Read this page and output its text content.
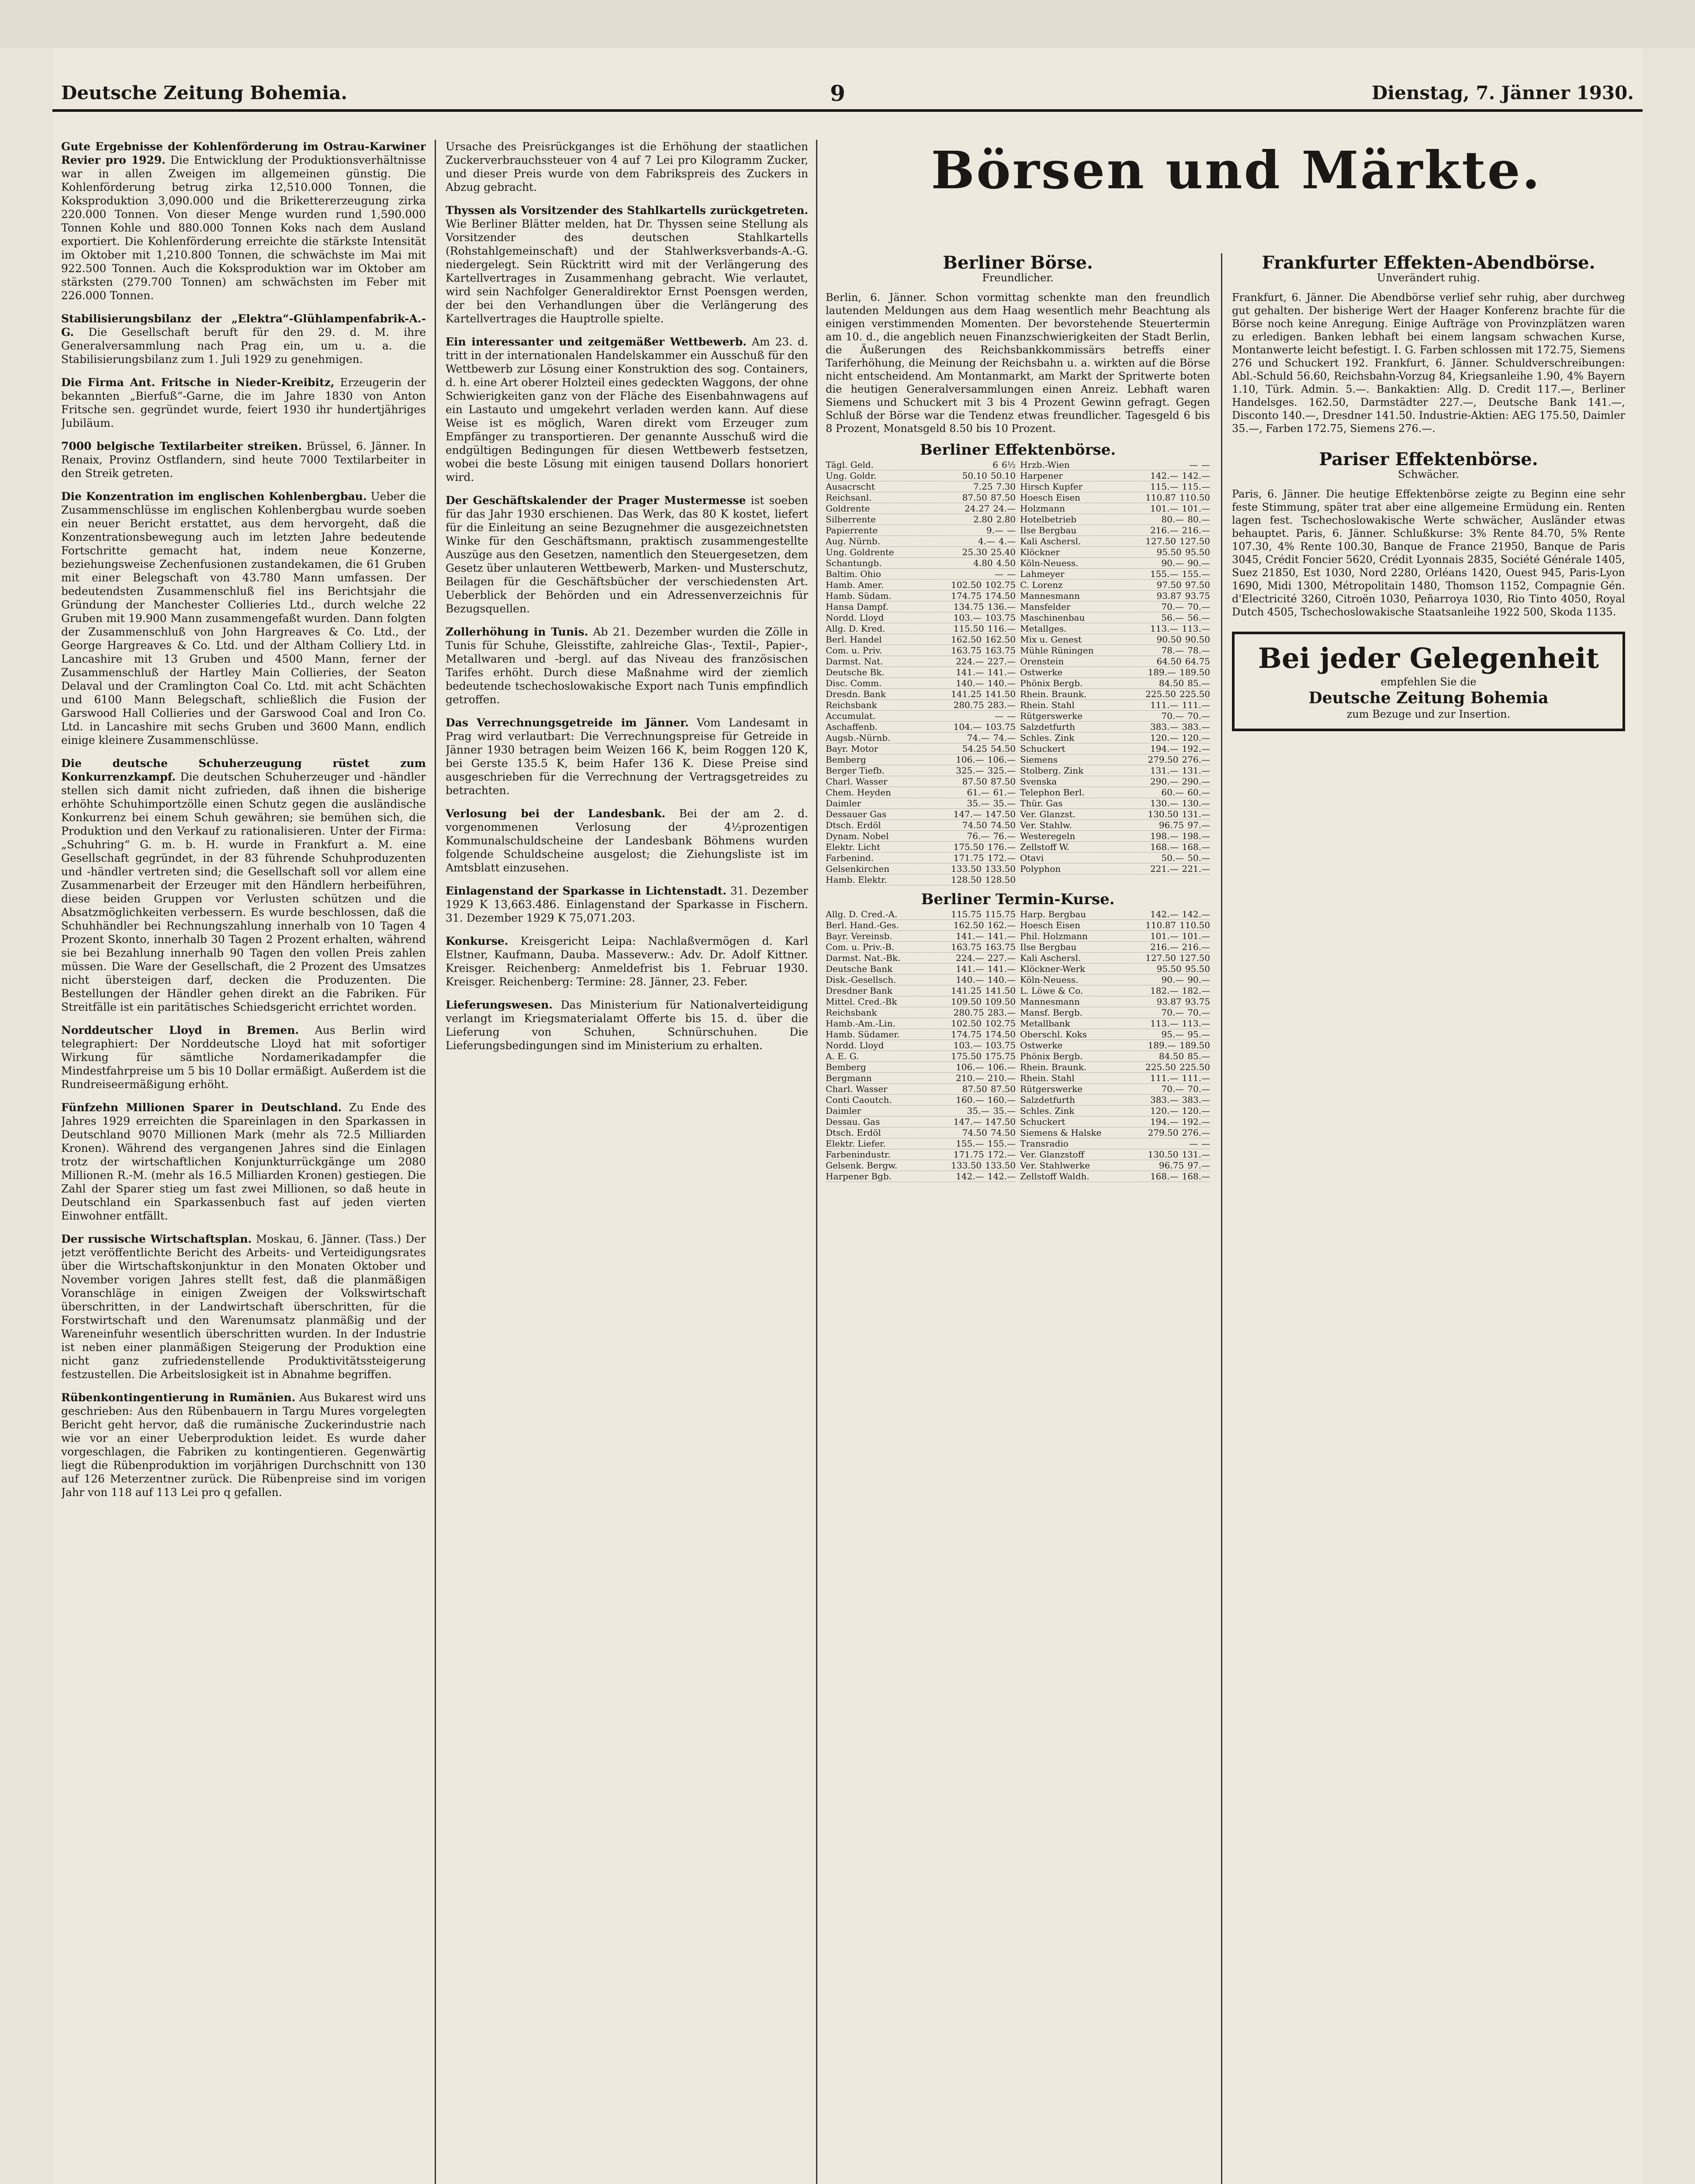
Deutsche Zeitung Bohemia.	9	Dienstag, 7. Jänner 1930.
Gute Ergebnisse der Kohlenförderung im Ostrau-Karwiner Revier pro 1929. Die Entwicklung der Produktionsverhältnisse war in allen Zweigen im allgemeinen günstig. Die Kohlenförderung betrug zirka 12,510.000 Tonnen, die Koksproduktion 3,090.000 und die Brikettererzeugung zirka 220.000 Tonnen. Von dieser Menge wurden rund 1,590.000 Tonnen Kohle und 880.000 Tonnen Koks nach dem Ausland exportiert. Die Kohlenförderung erreichte die stärkste Intensität im Oktober mit 1,210.800 Tonnen, die schwächste im Mai mit 922.500 Tonnen. Auch die Koksproduktion war im Oktober am stärksten (279.700 Tonnen) am schwächsten im Feber mit 226.000 Tonnen.
Stabilisierungsbilanz der „Elektra“-Glühlampenfabrik-A.-G. Die Gesellschaft beruft für den 29. d. M. ihre Generalversammlung nach Prag ein, um u. a. die Stabilisierungsbilanz zum 1. Juli 1929 zu genehmigen.
Die Firma Ant. Fritsche in Nieder-Kreibitz, Erzeugerin der bekannten „Bierfuß“-Garne, die im Jahre 1830 von Anton Fritsche sen. gegründet wurde, feiert 1930 ihr hundertjähriges Jubiläum.
7000 belgische Textilarbeiter streiken. Brüssel, 6. Jänner. In Renaix, Provinz Ostflandern, sind heute 7000 Textilarbeiter in den Streik getreten.
Die Konzentration im englischen Kohlenbergbau. Ueber die Zusammenschlüsse im englischen Kohlenbergbau wurde soeben ein neuer Bericht erstattet, aus dem hervorgeht, daß die Konzentrationsbewegung auch im letzten Jahre bedeutende Fortschritte gemacht hat, indem neue Konzerne, beziehungsweise Zechenfusionen zustandekamen, die 61 Gruben mit einer Belegschaft von 43.780 Mann umfassen. Der bedeutendsten Zusammenschluß fiel ins Berichtsjahr die Gründung der Manchester Collieries Ltd., durch welche 22 Gruben mit 19.900 Mann zusammengefaßt wurden. Dann folgten der Zusammenschluß von John Hargreaves & Co. Ltd., der George Hargreaves & Co. Ltd. und der Altham Colliery Ltd. in Lancashire mit 13 Gruben und 4500 Mann, ferner der Zusammenschluß der Hartley Main Collieries, der Seaton Delaval und der Cramlington Coal Co. Ltd. mit acht Schächten und 6100 Mann Belegschaft, schließlich die Fusion der Garswood Hall Collieries und der Garswood Coal and Iron Co. Ltd. in Lancashire mit sechs Gruben und 3600 Mann, endlich einige kleinere Zusammenschlüsse.
Die deutsche Schuherzeugung rüstet zum Konkurrenzkampf. Die deutschen Schuherzeuger und -händler stellen sich damit nicht zufrieden, daß ihnen die bisherige erhöhte Schuhimportzölle einen Schutz gegen die ausländische Konkurrenz bei einem Schuh gewähren; sie bemühen sich, die Produktion und den Verkauf zu rationalisieren. Unter der Firma: „Schuhring“ G. m. b. H. wurde in Frankfurt a. M. eine Gesellschaft gegründet, in der 83 führende Schuhproduzenten und -händler vertreten sind; die Gesellschaft soll vor allem eine Zusammenarbeit der Erzeuger mit den Händlern herbeiführen, diese beiden Gruppen vor Verlusten schützen und die Absatzmöglichkeiten verbessern. Es wurde beschlossen, daß die Schuhhändler bei Rechnungszahlung innerhalb von 10 Tagen 4 Prozent Skonto, innerhalb 30 Tagen 2 Prozent erhalten, während sie bei Bezahlung innerhalb 90 Tagen den vollen Preis zahlen müssen. Die Ware der Gesellschaft, die 2 Prozent des Umsatzes nicht übersteigen darf, decken die Produzenten. Die Bestellungen der Händler gehen direkt an die Fabriken. Für Streitfälle ist ein paritätisches Schiedsgericht errichtet worden.
Norddeutscher Lloyd in Bremen. Aus Berlin wird telegraphiert: Der Norddeutsche Lloyd hat mit sofortiger Wirkung für sämtliche Nordamerikadampfer die Mindestfahrpreise um 5 bis 10 Dollar ermäßigt. Außerdem ist die Rundreiseermäßigung erhöht.
Fünfzehn Millionen Sparer in Deutschland. Zu Ende des Jahres 1929 erreichten die Spareinlagen in den Sparkassen in Deutschland 9070 Millionen Mark (mehr als 72.5 Milliarden Kronen). Während des vergangenen Jahres sind die Einlagen trotz der wirtschaftlichen Konjunkturrückgänge um 2080 Millionen R.-M. (mehr als 16.5 Milliarden Kronen) gestiegen. Die Zahl der Sparer stieg um fast zwei Millionen, so daß heute in Deutschland ein Sparkassenbuch fast auf jeden vierten Einwohner entfällt.
Der russische Wirtschaftsplan. Moskau, 6. Jänner. (Tass.) Der jetzt veröffentlichte Bericht des Arbeits- und Verteidigungsrates über die Wirtschaftskonjunktur in den Monaten Oktober und November vorigen Jahres stellt fest, daß die planmäßigen Voranschläge in einigen Zweigen der Volkswirtschaft überschritten, in der Landwirtschaft überschritten, für die Forstwirtschaft und den Warenumsatz planmäßig und der Wareneinfuhr wesentlich überschritten wurden. In der Industrie ist neben einer planmäßigen Steigerung der Produktion eine nicht ganz zufriedenstellende Produktivitätssteigerung festzustellen. Die Arbeitslosigkeit ist in Abnahme begriffen.
Rübenkontingentierung in Rumänien. Aus Bukarest wird uns geschrieben: Aus den Rübenbauern in Targu Mures vorgelegten Bericht geht hervor, daß die rumänische Zuckerindustrie nach wie vor an einer Ueberproduktion leidet. Es wurde daher vorgeschlagen, die Fabriken zu kontingentieren. Gegenwärtig liegt die Rübenproduktion im vorjährigen Durchschnitt von 130 auf 126 Meterzentner zurück. Die Rübenpreise sind im vorigen Jahr von 118 auf 113 Lei pro q gefallen.
Ursache des Preisrückganges ist die Erhöhung der staatlichen Zuckerverbrauchssteuer von 4 auf 7 Lei pro Kilogramm Zucker, und dieser Preis wurde von dem Fabrikspreis des Zuckers in Abzug gebracht.
Thyssen als Vorsitzender des Stahlkartells zurückgetreten. Wie Berliner Blätter melden, hat Dr. Thyssen seine Stellung als Vorsitzender des deutschen Stahlkartells (Rohstahlgemeinschaft) und der Stahlwerksverbands-A.-G. niedergelegt. Sein Rücktritt wird mit der Verlängerung des Kartellvertrages in Zusammenhang gebracht. Wie verlautet, wird sein Nachfolger Generaldirektor Ernst Poensgen werden, der bei den Verhandlungen über die Verlängerung des Kartellvertrages die Hauptrolle spielte.
Ein interessanter und zeitgemäßer Wettbewerb. Am 23. d. tritt in der internationalen Handelskammer ein Ausschuß für den Wettbewerb zur Lösung einer Konstruktion des sog. Containers, d. h. eine Art oberer Holzteil eines gedeckten Waggons, der ohne Schwierigkeiten ganz von der Fläche des Eisenbahnwagens auf ein Lastauto und umgekehrt verladen werden kann. Auf diese Weise ist es möglich, Waren direkt vom Erzeuger zum Empfänger zu transportieren. Der genannte Ausschuß wird die endgültigen Bedingungen für diesen Wettbewerb festsetzen, wobei die beste Lösung mit einigen tausend Dollars honoriert wird.
Der Geschäftskalender der Prager Mustermesse ist soeben für das Jahr 1930 erschienen. Das Werk, das 80 K kostet, liefert für die Einleitung an seine Bezugnehmer die ausgezeichnetsten Winke für den Geschäftsmann, praktisch zusammengestellte Auszüge aus den Gesetzen, namentlich den Steuergesetzen, dem Gesetz über unlauteren Wettbewerb, Marken- und Musterschutz, Beilagen für die Geschäftsbücher der verschiedensten Art. Ueberblick der Behörden und ein Adressenverzeichnis für Bezugsquellen.
Zollerhöhung in Tunis. Ab 21. Dezember wurden die Zölle in Tunis für Schuhe, Gleisstifte, zahlreiche Glas-, Textil-, Papier-, Metallwaren und -bergl. auf das Niveau des französischen Tarifes erhöht. Durch diese Maßnahme wird der ziemlich bedeutende tschechoslowakische Export nach Tunis empfindlich getroffen.
Das Verrechnungsgetreide im Jänner. Vom Landesamt in Prag wird verlautbart: Die Verrechnungspreise für Getreide in Jänner 1930 betragen beim Weizen 166 K, beim Roggen 120 K, bei Gerste 135.5 K, beim Hafer 136 K. Diese Preise sind ausgeschrieben für die Verrechnung der Vertragsgetreides zu betrachten.
Verlosung bei der Landesbank. Bei der am 2. d. vorgenommenen Verlosung der 4½prozentigen Kommunalschuldscheine der Landesbank Böhmens wurden folgende Schuldscheine ausgelost; die Ziehungsliste ist im Amtsblatt einzusehen.
Einlagenstand der Sparkasse in Lichtenstadt. 31. Dezember 1929 K 13,663.486. Einlagenstand der Sparkasse in Fischern. 31. Dezember 1929 K 75,071.203.
Konkurse. Kreisgericht Leipa: Nachlaßvermögen d. Karl Elstner, Kaufmann, Dauba. Masseverw.: Adv. Dr. Adolf Kittner. Kreisger. Reichenberg: Anmeldefrist bis 1. Februar 1930. Kreisger. Reichenberg: Termine: 28. Jänner, 23. Feber.
Lieferungswesen. Das Ministerium für Nationalverteidigung verlangt im Kriegsmaterialamt Offerte bis 15. d. über die Lieferung von Schuhen, Schnürschuhen. Die Lieferungsbedingungen sind im Ministerium zu erhalten.
Börsen und Märkte.
Berliner Börse.
Freundlicher.
Berlin, 6. Jänner. Schon vormittag schenkte man den freundlich lautenden Meldungen aus dem Haag wesentlich mehr Beachtung als einigen verstimmenden Momenten. Der bevorstehende Steuertermin am 10. d., die angeblich neuen Finanzschwierigkeiten der Stadt Berlin, die Äußerungen des Reichsbankkommissärs betreffs einer Tariferhöhung, die Meinung der Reichsbahn u. a. wirkten auf die Börse nicht entscheidend. Am Montanmarkt, am Markt der Spritwerte boten die heutigen Generalversammlungen einen Anreiz. Lebhaft waren Siemens und Schuckert mit 3 bis 4 Prozent Gewinn gefragt. Gegen Schluß der Börse war die Tendenz etwas freundlicher. Tagesgeld 6 bis 8 Prozent, Monatsgeld 8.50 bis 10 Prozent.
Berliner Effektenbörse.
Tägl. Geld.	6 6½
Ung. Goldr.	50.10 50.10
Ausacrscht	7.25 7.30
Reichsanl.	87.50 87.50
Goldrente	24.27 24.—
Silberrente	2.80 2.80
Papierrente	9.— —
Aug. Nürnb.	4.— 4.—
Ung. Goldrente	25.30 25.40
Schantungb.	4.80 4.50
Baltim. Ohio	— —
Hamb. Amer.	102.50 102.75
Hamb. Südam.	174.75 174.50
Hansa Dampf.	134.75 136.—
Nordd. Lloyd	103.— 103.75
Allg. D. Kred.	115.50 116.—
Berl. Handel	162.50 162.50
Com. u. Priv.	163.75 163.75
Darmst. Nat.	224.— 227.—
Deutsche Bk.	141.— 141.—
Disc. Comm.	140.— 140.—
Dresdn. Bank	141.25 141.50
Reichsbank	280.75 283.—
Accumulat.	— —
Aschaffenb.	104.— 103.75
Augsb.-Nürnb.	74.— 74.—
Bayr. Motor	54.25 54.50
Bemberg	106.— 106.—
Berger Tiefb.	325.— 325.—
Charl. Wasser	87.50 87.50
Chem. Heyden	61.— 61.—
Daimler	35.— 35.—
Dessauer Gas	147.— 147.50
Dtsch. Erdöl	74.50 74.50
Dynam. Nobel	76.— 76.—
Elektr. Licht	175.50 176.—
Farbenind.	171.75 172.—
Gelsenkirchen	133.50 133.50
Hamb. Elektr.	128.50 128.50
Hrzb.-Wien	— —
Harpener	142.— 142.—
Hirsch Kupfer	115.— 115.—
Hoesch Eisen	110.87 110.50
Holzmann	101.— 101.—
Hotelbetrieb	80.— 80.—
Ilse Bergbau	216.— 216.—
Kali Aschersl.	127.50 127.50
Klöckner	95.50 95.50
Köln-Neuess.	90.— 90.—
Lahmeyer	155.— 155.—
C. Lorenz	97.50 97.50
Mannesmann	93.87 93.75
Mansfelder	70.— 70.—
Maschinenbau	56.— 56.—
Metallges.	113.— 113.—
Mix u. Genest	90.50 90.50
Mühle Rüningen	78.— 78.—
Orenstein	64.50 64.75
Ostwerke	189.— 189.50
Phönix Bergb.	84.50 85.—
Rhein. Braunk.	225.50 225.50
Rhein. Stahl	111.— 111.—
Rütgerswerke	70.— 70.—
Salzdetfurth	383.— 383.—
Schles. Zink	120.— 120.—
Schuckert	194.— 192.—
Siemens	279.50 276.—
Stolberg. Zink	131.— 131.—
Svenska	290.— 290.—
Telephon Berl.	60.— 60.—
Thür. Gas	130.— 130.—
Ver. Glanzst.	130.50 131.—
Ver. Stahlw.	96.75 97.—
Westeregeln	198.— 198.—
Zellstoff W.	168.— 168.—
Otavi	50.— 50.—
Polyphon	221.— 221.—
Berliner Termin-Kurse.
Allg. D. Cred.-A.	115.75 115.75
Berl. Hand.-Ges.	162.50 162.—
Bayr. Vereinsb.	141.— 141.—
Com. u. Priv.-B.	163.75 163.75
Darmst. Nat.-Bk.	224.— 227.—
Deutsche Bank	141.— 141.—
Disk.-Gesellsch.	140.— 140.—
Dresdner Bank	141.25 141.50
Mittel. Cred.-Bk	109.50 109.50
Reichsbank	280.75 283.—
Hamb.-Am.-Lin.	102.50 102.75
Hamb. Südamer.	174.75 174.50
Nordd. Lloyd	103.— 103.75
A. E. G.	175.50 175.75
Bemberg	106.— 106.—
Bergmann	210.— 210.—
Charl. Wasser	87.50 87.50
Conti Caoutch.	160.— 160.—
Daimler	35.— 35.—
Dessau. Gas	147.— 147.50
Dtsch. Erdöl	74.50 74.50
Elektr. Liefer.	155.— 155.—
Farbenindustr.	171.75 172.—
Gelsenk. Bergw.	133.50 133.50
Harpener Bgb.	142.— 142.—
Harp. Bergbau	142.— 142.—
Hoesch Eisen	110.87 110.50
Phil. Holzmann	101.— 101.—
Ilse Bergbau	216.— 216.—
Kali Aschersl.	127.50 127.50
Klöckner-Werk	95.50 95.50
Köln-Neuess.	90.— 90.—
L. Löwe & Co.	182.— 182.—
Mannesmann	93.87 93.75
Mansf. Bergb.	70.— 70.—
Metallbank	113.— 113.—
Oberschl. Koks	95.— 95.—
Ostwerke	189.— 189.50
Phönix Bergb.	84.50 85.—
Rhein. Braunk.	225.50 225.50
Rhein. Stahl	111.— 111.—
Rütgerswerke	70.— 70.—
Salzdetfurth	383.— 383.—
Schles. Zink	120.— 120.—
Schuckert	194.— 192.—
Siemens & Halske	279.50 276.—
Transradio	— —
Ver. Glanzstoff	130.50 131.—
Ver. Stahlwerke	96.75 97.—
Zellstoff Waldh.	168.— 168.—
Frankfurter Effekten-Abendbörse.
Unverändert ruhig.
Frankfurt, 6. Jänner. Die Abendbörse verlief sehr ruhig, aber durchweg gut gehalten. Der bisherige Wert der Haager Konferenz brachte für die Börse noch keine Anregung. Einige Aufträge von Provinzplätzen waren zu erledigen. Banken lebhaft bei einem langsam schwachen Kurse, Montanwerte leicht befestigt. I. G. Farben schlossen mit 172.75, Siemens 276 und Schuckert 192. Frankfurt, 6. Jänner. Schuldverschreibungen: Abl.-Schuld 56.60, Reichsbahn-Vorzug 84, Kriegsanleihe 1.90, 4% Bayern 1.10, Türk. Admin. 5.—. Bankaktien: Allg. D. Credit 117.—, Berliner Handelsges. 162.50, Darmstädter 227.—, Deutsche Bank 141.—, Disconto 140.—, Dresdner 141.50. Industrie-Aktien: AEG 175.50, Daimler 35.—, Farben 172.75, Siemens 276.—.
Pariser Effektenbörse.
Schwächer.
Paris, 6. Jänner. Die heutige Effektenbörse zeigte zu Beginn eine sehr feste Stimmung, später trat aber eine allgemeine Ermüdung ein. Renten lagen fest. Tschechoslowakische Werte schwächer, Ausländer etwas behauptet. Paris, 6. Jänner. Schlußkurse: 3% Rente 84.70, 5% Rente 107.30, 4% Rente 100.30, Banque de France 21950, Banque de Paris 3045, Crédit Foncier 5620, Crédit Lyonnais 2835, Société Générale 1405, Suez 21850, Est 1030, Nord 2280, Orléans 1420, Ouest 945, Paris-Lyon 1690, Midi 1300, Métropolitain 1480, Thomson 1152, Compagnie Gén. d'Electricité 3260, Citroën 1030, Peñarroya 1030, Rio Tinto 4050, Royal Dutch 4505, Tschechoslowakische Staatsanleihe 1922 500, Skoda 1135.
Bei jeder Gelegenheit
empfehlen Sie die
Deutsche Zeitung Bohemia
zum Bezuge und zur Insertion.
